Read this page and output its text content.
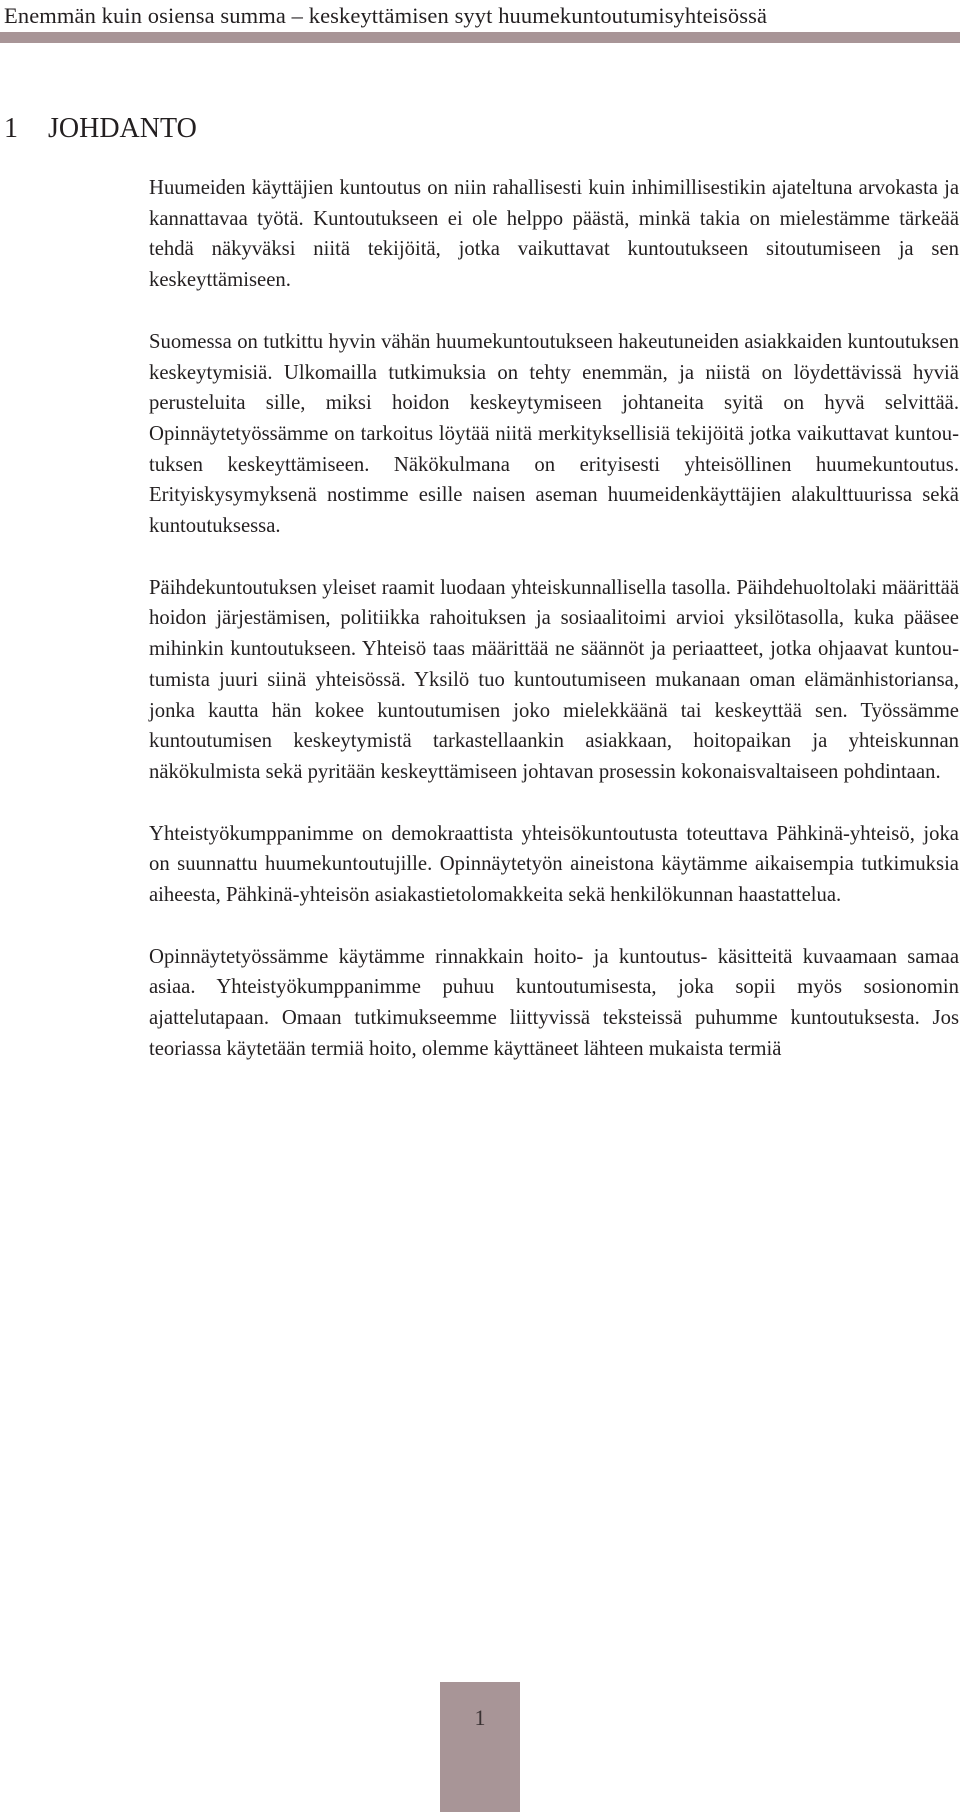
Enemmän kuin osiensa summa – keskeyttämisen syyt huumekuntoutumisyhteisössä
1 JOHDANTO

Huumeiden käyttäjien kuntoutus on niin rahallisesti kuin inhimillisestikin ajateltuna arvokasta ja kannattavaa työtä. Kuntoutukseen ei ole helppo päästä, minkä takia on mielestämme tärkeää tehdä näkyväksi niitä tekijöitä, jotka vaikuttavat kuntoutukseen sitoutumiseen ja sen keskeyttämiseen.

Suomessa on tutkittu hyvin vähän huumekuntoutukseen hakeutuneiden asiakkaiden kuntoutuksen keskeytymisiä. Ulkomailla tutkimuksia on tehty enemmän, ja niistä on löydettävissä hyviä perusteluita sille, miksi hoidon keskeytymiseen johtaneita syitä on hyvä selvittää. Opinnäytetyössämme on tarkoitus löytää niitä merkityksellisiä tekijöitä jotka vaikuttavat kuntoutuksen keskeyttämiseen. Näkökulmana on erityisesti yhteisöllinen huumekuntoutus. Erityiskysymyksenä nostimme esille naisen aseman huumeidenkäyttäjien alakulttuurissa sekä kuntoutuksessa.

Päihdekuntoutuksen yleiset raamit luodaan yhteiskunnallisella tasolla. Päihdehuoltolaki määrittää hoidon järjestämisen, politiikka rahoituksen ja sosiaalitoimi arvioi yksilötasolla, kuka pääsee mihinkin kuntoutukseen. Yhteisö taas määrittää ne säännöt ja periaatteet, jotka ohjaavat kuntoutumista juuri siinä yhteisössä. Yksilö tuo kuntoutumiseen mukanaan oman elämänhistoriansa, jonka kautta hän kokee kuntoutumisen joko mielekkäänä tai keskeyttää sen. Työssämme kuntoutumisen keskeytymistä tarkastellaankin asiakkaan, hoitopaikan ja yhteiskunnan näkökulmista sekä pyritään keskeyttämiseen johtavan prosessin kokonaisvaltaiseen pohdintaan.

Yhteistyökumppanimme on demokraattista yhteisökuntoutusta toteuttava Pähkinä-yhteisö, joka on suunnattu huumekuntoutujille. Opinnäytetyön aineistona käytämme aikaisempia tutkimuksia aiheesta, Pähkinä-yhteisön asiakastietolomakkeita sekä henkilökunnan haastattelua.

Opinnäytetyössämme käytämme rinnakkain hoito- ja kuntoutus- käsitteitä kuvaamaan samaa asiaa. Yhteistyökumppanimme puhuu kuntoutumisesta, joka sopii myös sosionomin ajattelutapaan. Omaan tutkimukseemme liittyvissä teksteissä puhumme kuntoutuksesta. Jos teoriassa käytetään termiä hoito, olemme käyttäneet lähteen mukaista termiä

1
